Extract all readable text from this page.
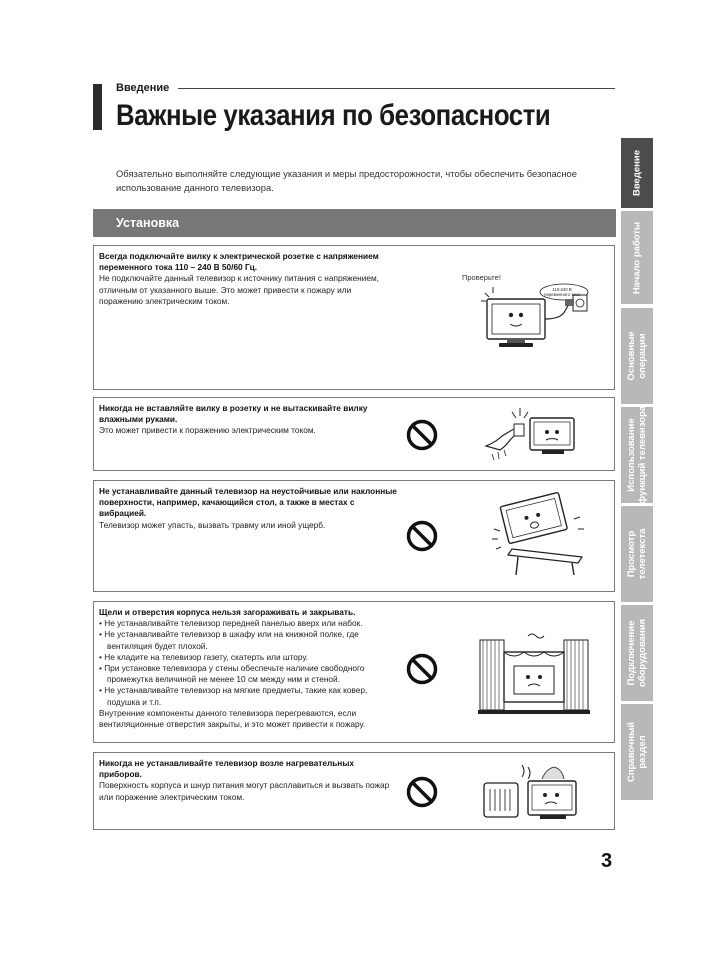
Введение
Важные указания по безопасности
Обязательно выполняйте следующие указания и меры предосторожности, чтобы обеспечить безопасное использование данного телевизора.
Установка
Всегда подключайте вилку к электрической розетке с напряжением переменного тока 110 – 240 В 50/60 Гц.
Не подключайте данный телевизор к источнику питания с напряжением, отличным от указанного выше. Это может привести к пожару или поражению электрическим током.
Проверьте!
110-240 В переменного тока
Никогда не вставляйте вилку в розетку и не вытаскивайте вилку влажными руками.
Это может привести к поражению электрическим током.
Не устанавливайте данный телевизор на неустойчивые или наклонные поверхности, например, качающийся стол, а также в местах с вибрацией.
Телевизор может упасть, вызвать травму или иной ущерб.
Щели и отверстия корпуса нельзя загораживать и закрывать.
• Не устанавливайте телевизор передней панелью вверх или набок.
• Не устанавливайте телевизор в шкафу или на книжной полке, где вентиляция будет плохой.
• Не кладите на телевизор газету, скатерть или штору.
• При установке телевизора у стены обеспечьте наличие свободного промежутка величиной не менее 10 см между ним и стеной.
• Не устанавливайте телевизор на мягкие предметы, такие как ковер, подушка и т.п.
Внутренние компоненты данного телевизора перегреваются, если вентиляционные отверстия закрыты, и это может привести к пожару.
Никогда не устанавливайте телевизор возле нагревательных приборов.
Поверхность корпуса и шнур питания могут расплавиться и вызвать пожар или поражение электрическим током.
Введение
Начало работы
Основные
операции
Использование
функций телевизора
Просмотр
телетекста
Подключение
оборудования
Справочный
раздел
3
